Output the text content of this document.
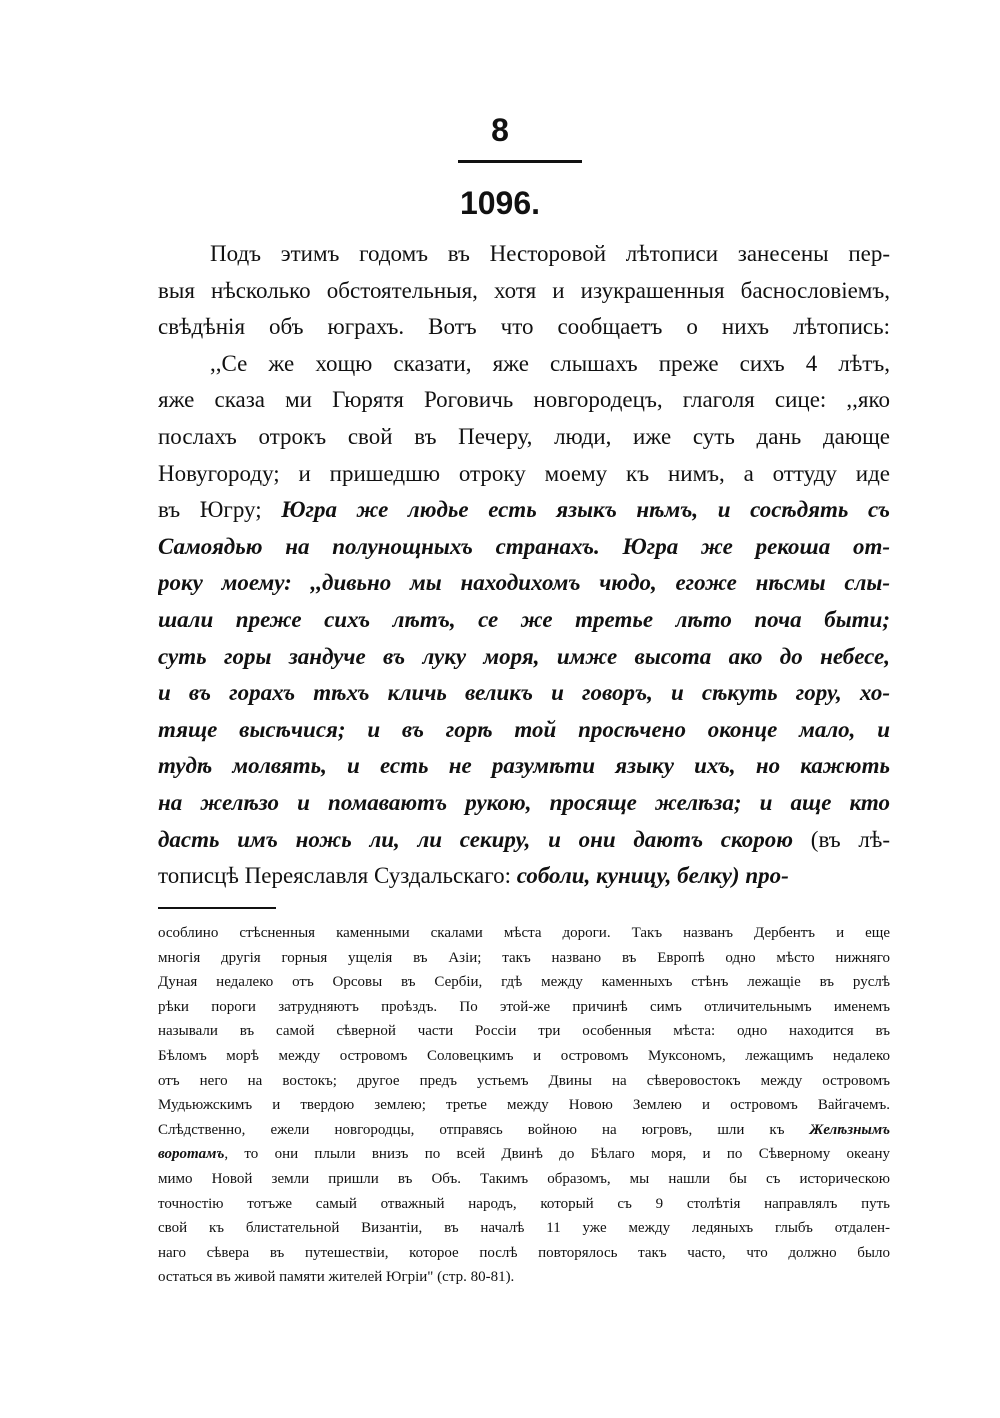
8
1096.
Подъ этимъ годомъ въ Несторовой лѣтописи занесены пер-
выя нѣсколько обстоятельныя, хотя и изукрашенныя баснословіемъ,
свѣдѣнія объ юграхъ. Вотъ что сообщаетъ о нихъ лѣтопись:
,,Се же хощю сказати, яже слышахъ преже сихъ 4 лѣтъ,
яже сказа ми Гюрятя Роговичь новгородецъ, глаголя сице: ,,яко
послахъ отрокъ свой въ Печеру, люди, иже суть дань дающе
Новугороду; и пришедшю отроку моему къ нимъ, а оттуду иде
въ Югру; Югра же людье есть языкъ нѣмъ, и сосѣдять съ
Самоядью на полунощныхъ странахъ. Югра же рекоша от-
року моему: ,,дивьно мы находихомъ чюдо, егоже нѣсмы слы-
шали преже сихъ лѣтъ, се же третье лѣто поча быти;
суть горы зандуче въ луку моря, имже высота ако до небесе,
и въ горахъ тѣхъ кличь великъ и говоръ, и сѣкуть гору, хо-
тяще высѣчися; и въ горѣ той просѣчено оконце мало, и
тудѣ молвять, и есть не разумѣти языку ихъ, но кажють
на желѣзо и помаваютъ рукою, просяще желѣза; и аще кто
дасть имъ ножь ли, ли секиру, и они даютъ скорою (въ лѣ-
тописцѣ Переяславля Суздальскаго: соболи, куницу, белку) про-
особлино стѣсненныя каменными скалами мѣста дороги. Такъ названъ Дербентъ и еще
многія другія горныя ущелія въ Азіи; такъ названо въ Европѣ одно мѣсто нижняго
Дуная недалеко отъ Орсовы въ Сербіи, гдѣ между каменныхъ стѣнъ лежащіе въ руслѣ
рѣки пороги затрудняютъ проѣздъ. По этой-же причинѣ симъ отличительнымъ именемъ
называли въ самой сѣверной части Россіи три особенныя мѣста: одно находится въ
Бѣломъ морѣ между островомъ Соловецкимъ и островомъ Муксономъ, лежащимъ недалеко
отъ него на востокъ; другое предъ устьемъ Двины на сѣверовостокъ между островомъ
Мудьюжскимъ и твердою землею; третье между Новою Землею и островомъ Вайгачемъ.
Слѣдственно, ежели новгородцы, отправясь войною на югровъ, шли къ Желѣзнымъ
воротамъ, то они плыли внизъ по всей Двинѣ до Бѣлаго моря, и по Сѣверному океану
мимо Новой земли пришли въ Объ. Такимъ образомъ, мы нашли бы съ историческою
точностію тотъже самый отважный народъ, который съ 9 столѣтія направлялъ путь
свой къ блистательной Византіи, въ началѣ 11 уже между ледяныхъ глыбъ отдален-
наго сѣвера въ путешествіи, которое послѣ повторялось такъ часто, что должно было
остаться въ живой памяти жителей Югріи" (стр. 80-81).
